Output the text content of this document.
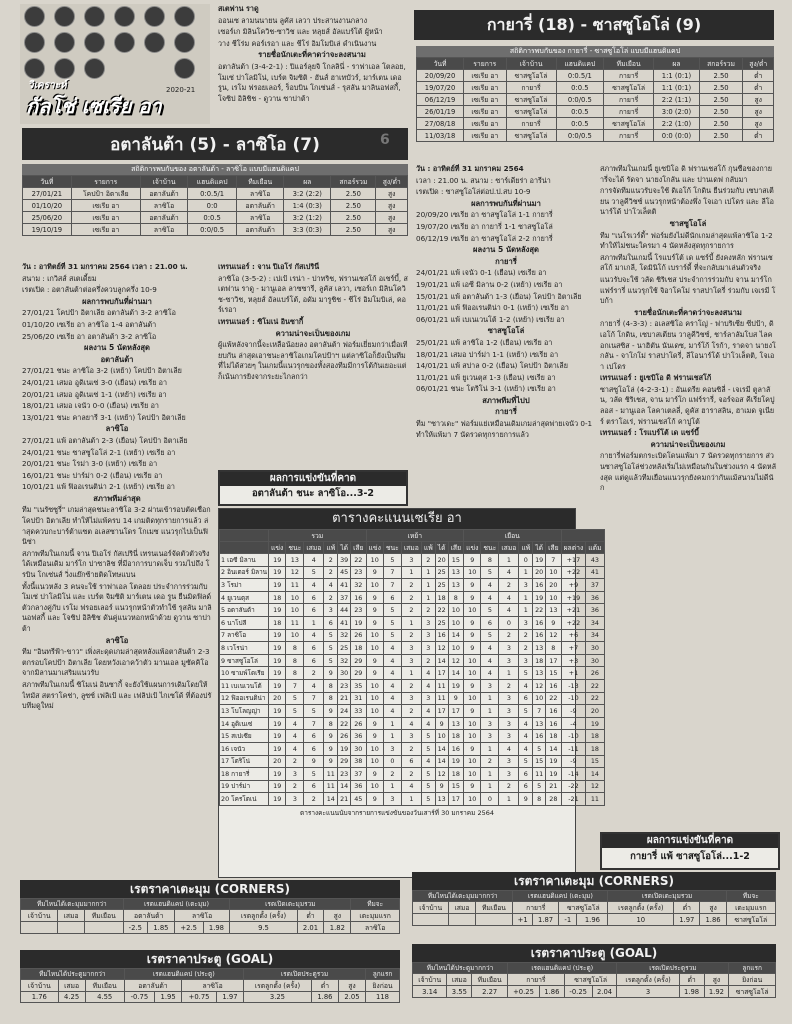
วิเคราะห์
กัลโช่ เซเรีย อา
2020-21

สเตฟาน ราดู

ออนเซ ลามนนายน ลูคัส เลวา ประสานงานกลาง

เซอร์เก มิลินโควิช-ซาวิช และ หลุยส์ อัลแบร์โต้ ผู้หน้า

วาง ชีโร่ม คอร์เรอา และ ชีโร่ อิมโมบิเล่ ดำเนินงาน

รายชื่อนักเตะที่คาดว่าจะลงสนาม

อตาลันต้า (3-4-2-1) : ปิแอร์ลุยจิ โกลลินี่ - ราฟาเอล โตลอย, โมเซ่ ปาโลมิโน่, เบร์ต จิมซิติ - ฮันส์ ฮาเทบัวร์, มาร์เตน เดอ รูน, เรโม ฟรอยเลอร์, ร็อบบิน โกเซ่นส์ - รุสลัน มาลินอฟสกี้, โจซิป อิลิชิช - ดูวาน ซาปาต้า

อตาลันต้า (5) - ลาซิโอ (7)	6
สถิติการพบกันของ อตาลันต้า - ลาซิโอ แบบมีแฮนดิแคป
วันที่	รายการ	เจ้าบ้าน	แฮนดิแคป	ทีมเยือน	ผล	สกอร์รวม	สูง/ต่ำ
27/01/21	โคปป้า อิตาเลีย	อตาลันต้า	0:0.5/1	ลาซิโอ	3:2 (2:2)	2.50	สูง
01/10/20	เซเรีย อา	ลาซิโอ	0:0	อตาลันต้า	1:4 (0:3)	2.50	สูง
25/06/20	เซเรีย อา	อตาลันต้า	0:0.5	ลาซิโอ	3:2 (1:2)	2.50	สูง
19/10/19	เซเรีย อา	ลาซิโอ	0:0/0.5	อตาลันต้า	3:3 (0:3)	2.50	สูง

วัน : อาทิตย์ที่ 31 มกราคม 2564 เวลา : 21.00 น.

สนาม : เกวิสส์ สเตเดี้ยม

เรตเปิด : อตาลันต้าต่อครึ่งควบลูกครึ่ง 10-9

ผลการพบกันที่ผ่านมา

27/01/21 โคปป้า อิตาเลีย อตาลันต้า 3-2 ลาซิโอ

01/10/20 เซเรีย อา ลาซิโอ 1-4 อตาลันต้า

25/06/20 เซเรีย อา อตาลันต้า 3-2 ลาซิโอ

ผลงาน 5 นัดหลังสุด

อตาลันต้า

27/01/21 ชนะ ลาซิโอ 3-2 (เหย้า) โคปป้า อิตาเลีย

24/01/21 เสมอ อูดิเนเซ่ 3-0 (เยือน) เซเรีย อา

20/01/21 เสมอ อูดิเนเซ่ 1-1 (เหย้า) เซเรีย อา

18/01/21 เสมอ เจนัว 0-0 (เยือน) เซเรีย อา

13/01/21 ชนะ คาลยารี 3-1 (เหย้า) โคปป้า อิตาเลีย

ลาซิโอ

27/01/21 แพ้ อตาลันต้า 2-3 (เยือน) โคปป้า อิตาเลีย

24/01/21 ชนะ ซาสซูโอโล่ 2-1 (เหย้า) เซเรีย อา

20/01/21 ชนะ โรม่า 3-0 (เหย้า) เซเรีย อา

16/01/21 ชนะ ปาร์ม่า 0-2 (เยือน) เซเรีย อา

10/01/21 แพ้ ฟิออเรนติน่า 2-1 (เหย้า) เซเรีย อา

สภาพทีมล่าสุด

ทีม "เนรัซซูรี่" เกมล่าสุดชนะลาซิโอ 3-2 ผ่านเข้ารอบตัดเชือกโคปป้า อิตาเลีย ทำให้ไม่แพ้ครบ 14 เกมติดทุกรายการแล้ว ล่าสุดควบกะบาร์ต้าแซต อเลสซานโดร โกเมซ แนวรุกไปเป็นฟินิซ่า

สภาพทีมในเกมนี้ จาน ปิเอโร่ กัสเปรินี่ เทรนเนอร์จัดตัวตัวจริงได้เหมือนเดิม มาร์โก ปาซาลิช ที่มีอาการบาดเจ็บ รวมไปถึง โรบิน โกเซ่นส์ วิ่งแย๊กซ้ายติดโทษแบน

ทั้งนี้แนวหลัง 3 คนจะใช้ ราฟาเอล โตลอย ประจำการร่วมกับ โมเซ่ ปาโลมิโน่ และ เบร์ต จิมซิติ มาร์เตน เดอ รูน ยืนมิดฟิลด์ตัวกลางคู่กับ เรโม ฟรอยเลอร์ แนวรุกหน้าตัวทำใช้ รุสลัน มาลินอฟสกี้ และ โจซิป อิลิชิช ดันคู่แนวหอกหน้าด้วย ดูวาน ซาปาต้า

ลาซิโอ

ทีม "อินทรีฟ้า-ขาว" เพิ่งสะดุดเกมล่าสุดหลังแพ้อตาลันต้า 2-3 ตกรอบโคปป้า อิตาเลีย โดยหวังเอาคว้าตัว มานเอล มูซัคคิโอ จากมิลานมาเสริมแนวรับ

สภาพทีมในเกมนี้ ซิโมเน่ อินซากี้ จะยังใช้แผนการเดิมโดยให้ ไทมัส สตราโคช่า, ลูซซ์ เฟลิเป้ และ เฟลิปเป้ ไกเซโด้ ที่ต้องปรับทีมดูใหม่

เทรนเนอร์ : จาน ปิเอโร่ กัสเปรินี่

ลาซิโอ (3-5-2) : เปเป้ เรน่า - ปาทริช, ฟรานเชสโก้ อเชร์บี้, สเตฟาน ราดู - มานูเอล ลาซซารี, ลูคัส เลวา, เซอร์เก มิลินโควิช-ซาวิช, หลุยส์ อัลแบร์โต้, อดัม มารูชิช - ชีโร่ อิมโมบิเล่, คอร์เรอา

เทรนเนอร์ : ซิโมเน่ อินซากี้

ความน่าจะเป็นของเกม

ผู้แพ้หลังจากนี้จะเหลือน้อยลง อตาลันต้า ฟอร์มเยี่ยมกว่าเมื่อเทียบกัน ล่าสุดเอาชนะลาซิโอเกมโคปป้าฯ แต่ลาซิโอก็ยังเป็นทีมที่ไม่ได้สวยๆ ในเกมนี้แนวรุกของทั้งสองทีมมีการโต้กันเยอะแต่ก็เน้นการยิงจากระยะไกลกว่า

ผลการแข่งขันที่คาด
อตาลันต้า ชนะ ลาซิโอ...3-2
ตารางคะแนนเซเรีย อา
	รวม						เหย้า						เยือน							
	แข่ง	ชนะ	เสมอ	แพ้	ได้	เสีย	แข่ง	ชนะ	เสมอ	แพ้	ได้	เสีย	แข่ง	ชนะ	เสมอ	แพ้	ได้	เสีย	ผลต่าง	แต้ม
1 เอซี มิลาน	19	13	4	2	39	22	10	5	3	2	20	15	9	8	1	0	19	7	+17	43
2 อินเตอร์ มิลาน	19	12	5	2	45	23	9	7	1	1	25	13	10	5	4	1	20	10	+22	41
3 โรม่า	19	11	4	4	41	32	10	7	2	1	25	13	9	4	2	3	16	20	+9	37
4 ยูเวนตุส	18	10	6	2	37	16	9	6	2	1	18	8	9	4	4	1	19	10	+19	36
5 อตาลันต้า	19	10	6	3	44	23	9	5	2	2	22	10	10	5	4	1	22	13	+21	36
6 นาโปลี	18	11	1	6	41	19	9	5	1	3	25	10	9	6	0	3	16	9	+22	34
7 ลาซิโอ	19	10	4	5	32	26	10	5	2	3	16	14	9	5	2	2	16	12	+6	34
8 เวโรน่า	19	8	6	5	25	18	10	4	3	3	12	10	9	4	3	2	13	8	+7	30
9 ซาสซูโอโล่	19	8	6	5	32	29	9	4	3	2	14	12	10	4	3	3	18	17	+3	30
10 ซามพ์โดเรีย	19	8	2	9	30	29	9	4	1	4	17	14	10	4	1	5	13	15	+1	26
11 เบเนเวนโต้	19	7	4	8	23	35	10	4	2	4	11	19	9	3	2	4	12	16	-13	22
12 ฟิออเรนติน่า	20	5	7	8	21	31	10	4	3	3	11	9	10	1	3	6	10	22	-10	22
13 โบโลญญ่า	19	5	5	9	24	33	10	4	2	4	17	17	9	1	3	5	7	16	-9	20
14 อูดิเนเซ่	19	4	7	8	22	26	9	1	4	4	9	13	10	3	3	4	13	16	-4	19
15 สเปเซีย	19	4	6	9	26	36	9	1	3	5	10	18	10	3	3	4	16	18	-10	18
16 เจนัว	19	4	6	9	19	30	10	3	2	5	14	16	9	1	4	4	5	14	-11	18
17 โตริโน่	20	2	9	9	29	38	10	0	6	4	14	19	10	2	3	5	15	19	-9	15
18 กายารี่	19	3	5	11	23	37	9	2	2	5	12	18	10	1	3	6	11	19	-14	14
19 ปาร์ม่า	19	2	6	11	14	36	10	1	4	5	9	15	9	1	2	6	5	21	-22	12
20 โครโตเน่	19	3	2	14	21	45	9	3	1	5	13	17	10	0	1	9	8	28	-21	11
ตารางคะแนนนับจากรายการแข่งขันของวันเสาร์ที่ 30 มกราคม 2564
กายารี่ (18) - ซาสซูโอโล่ (9)
สถิติการพบกันของ กายารี่ - ซาสซูโอโล่ แบบมีแฮนดิแคป
วันที่	รายการ	เจ้าบ้าน	แฮนดิแคป	ทีมเยือน	ผล	สกอร์รวม	สูง/ต่ำ
20/09/20	เซเรีย อา	ซาสซูโอโล่	0:0.5/1	กายารี่	1:1 (0:1)	2.50	ต่ำ
19/07/20	เซเรีย อา	กายารี่	0:0.5	ซาสซูโอโล่	1:1 (0:1)	2.50	ต่ำ
06/12/19	เซเรีย อา	ซาสซูโอโล่	0:0/0.5	กายารี่	2:2 (1:1)	2.50	สูง
26/01/19	เซเรีย อา	ซาสซูโอโล่	0:0.5	กายารี่	3:0 (2:0)	2.50	สูง
27/08/18	เซเรีย อา	กายารี่	0:0.5	ซาสซูโอโล่	2:2 (1:0)	2.50	สูง
11/03/18	เซเรีย อา	ซาสซูโอโล่	0:0/0.5	กายารี่	0:0 (0:0)	2.50	ต่ำ

วัน : อาทิตย์ที่ 31 มกราคม 2564

เวลา : 21.00 น. สนาม : ซาร์เดียร่า อารีน่า

เรตเปิด : ซาสซูโอโล่ต่อป.ป.สบ 10-9

ผลการพบกันที่ผ่านมา

20/09/20 เซเรีย อา ซาสซูโอโล่ 1-1 กายารี่

19/07/20 เซเรีย อา กายารี่ 1-1 ซาสซูโอโล่

06/12/19 เซเรีย อา ซาสซูโอโล่ 2-2 กายารี่

ผลงาน 5 นัดหลังสุด

กายารี่

24/01/21 แพ้ เจนัว 0-1 (เยือน) เซเรีย อา

19/01/21 แพ้ เอซี มิลาน 0-2 (เหย้า) เซเรีย อา

15/01/21 แพ้ อตาลันต้า 1-3 (เยือน) โคปป้า อิตาเลีย

11/01/21 แพ้ ฟิออเรนติน่า 0-1 (เหย้า) เซเรีย อา

06/01/21 แพ้ เบเนเวนโต้ 1-2 (เหย้า) เซเรีย อา

ซาสซูโอโล่

25/01/21 แพ้ ลาซิโอ 1-2 (เยือน) เซเรีย อา

18/01/21 เสมอ ปาร์ม่า 1-1 (เหย้า) เซเรีย อา

14/01/21 แพ้ สปาล 0-2 (เยือน) โคปป้า อิตาเลีย

11/01/21 แพ้ ยูเวนตุส 1-3 (เยือน) เซเรีย อา

06/01/21 ชนะ โตริโน่ 3-1 (เหย้า) เซเรีย อา

สภาพทีมที่ไปป

กายารี่

ทีม "ซาวเดะ" ฟอร์มแย่เหมือนเดิมเกมล่าสุดพ่ายเจนัว 0-1 ทำให้แพ้มา 7 นัดรวดทุกรายการแล้ว

สภาพทีมในเกมนี้ ยูเซบิโอ ดิ ฟรานเชสโก้ กุนซือของกายารี่จะได้ รัดจา นายงโกลัน และ ปานเดฟ กลับมา

การจัดทีมแนวรับจะใช้ ดิเอโก้ โกดิน ยืนร่วมกับ เซบาสเตียน วาลูคีวิชซ์ แนวรุกหน้าต้องพึ่ง โจเอา เปโดร และ ลีโอนาร์โด้ ปาโวเล็ตติ

ซาสซูโอโล่

ทีม "เนโรเวร์ดี้" ฟอร์มยังไม่ดีนักเกมล่าสุดแพ้ลาซิโอ 1-2 ทำให้ไม่ชนะใครมา 4 นัดหลังสุดทุกรายการ

สภาพทีมในเกมนี้ โรแบร์โต้ เด แซร์บี้ ยังคงหลัก ฟรานเชสโก้ มาเกลี, โดมินิโก้ เบราร์ดี้ ที่จะกลับมาเล่นตัวจริง

แนวรับจะใช้ วลัด ชิริเชส ประจำการร่วมกับ จาน มาร์โก แฟร์รารี่ แนวรุกใช้ จิอาโคโม่ ราสปาโดรี่ ร่วมกับ เจเรมี โบก้า

รายชื่อนักเตะที่คาดว่าจะลงสนาม

กายารี่ (4-3-3) : อเลสซิโอ คราโญ่ - ฟาบริเซีย ซีปป้า, ดิเอโก้ โกดิน, เซบาสเตียน วาลูคีวิชซ์, ชาร์ลาลัมโบส ไลคอกเนสซิส - นาฮิตัน นันเดซ, มาร์โก้ โรก้า, ราดจา นายงโกลัน - จาโกโม่ ราสปาโดรี่, ลีโอนาร์โด้ ปาโวเล็ตติ, โจเอา เปโดร

เทรนเนอร์ : ยูเซบิโอ ดิ ฟรานเชสโก้

ซาสซูโอโล่ (4-2-3-1) : อันเดรีย คอนซิลี่ - เจเรมี ตูลาลัน, วลัด ชิริเชส, จาน มาร์โก แฟร์รารี่, จอร์จอส คีเรียโคปูลอส - มานูเอล โลคาเตลลี่, ดูคัส ฮาราสลิน, ฮาเมด จูเนียร์ ตราโอเร่, ฟรานเชสโก้ คาปูโต้

เทรนเนอร์ : โรแบร์โต้ เด แซร์บี้

ความน่าจะเป็นของเกม

กายารี่ฟอร์มตกระเบิดโดนแพ้มา 7 นัดรวดทุกรายการ ส่วนซาสซูโอโล่ช่วงหลังเริ่มไม่เหมือนกันในช่วงแรก 4 นัดหลังสุด แต่ดูแล้วทีมเยือนแนวรุกยังคมกว่ากันแม้สนามไม่ดีนัก

ผลการแข่งขันที่คาด
กายารี่ แพ้ ซาสซูโอโล่...1-2
เรตราคาเตะมุม (CORNERS)
ทีมไหนได้เตะมุมมากกว่า			เรตแฮนดิแคป (เตะมุม)				เรตเปิดเตะมุมรวม			ทีมจะ
เจ้าบ้าน	เสมอ	ทีมเยือน	อตาลันต้า		ลาซิโอ		เรตลูกตั้ง (ครั้ง)	ต่ำ	สูง	เตะมุมแรก
			-2.5	1.85	+2.5	1.98	9.5	2.01	1.82	ลาซิโอ
เรตราคาประตู (GOAL)
ทีมไหนได้ประตูมากกว่า			เรตแฮนดิแคป (ประตู)				เรตเปิดประตูรวม			ลูกแรก
เจ้าบ้าน	เสมอ	ทีมเยือน	อตาลันต้า		ลาซิโอ		เรตลูกตั้ง (ครั้ง)	ต่ำ	สูง	ยิงก่อน
1.76	4.25	4.55	-0.75	1.95	+0.75	1.97	3.25	1.86	2.05	118
เรตราคาเตะมุม (CORNERS)
ทีมไหนได้เตะมุมมากกว่า			เรตแฮนดิแคป (เตะมุม)				เรตเปิดเตะมุมรวม			ทีมจะ
เจ้าบ้าน	เสมอ	ทีมเยือน	กายารี่		ซาสซูโอโล่		เรตลูกตั้ง (ครั้ง)	ต่ำ	สูง	เตะมุมแรก
			+1	1.87	-1	1.96	10	1.97	1.86	ซาสซูโอโล่
เรตราคาประตู (GOAL)
ทีมไหนได้ประตูมากกว่า			เรตแฮนดิแคป (ประตู)				เรตเปิดประตูรวม			ลูกแรก
เจ้าบ้าน	เสมอ	ทีมเยือน	กายารี่		ซาสซูโอโล่		เรตลูกตั้ง (ครั้ง)	ต่ำ	สูง	ยิงก่อน
3.14	3.55	2.27	+0.25	1.86	-0.25	2.04	3	1.98	1.92	ซาสซูโอโล่
